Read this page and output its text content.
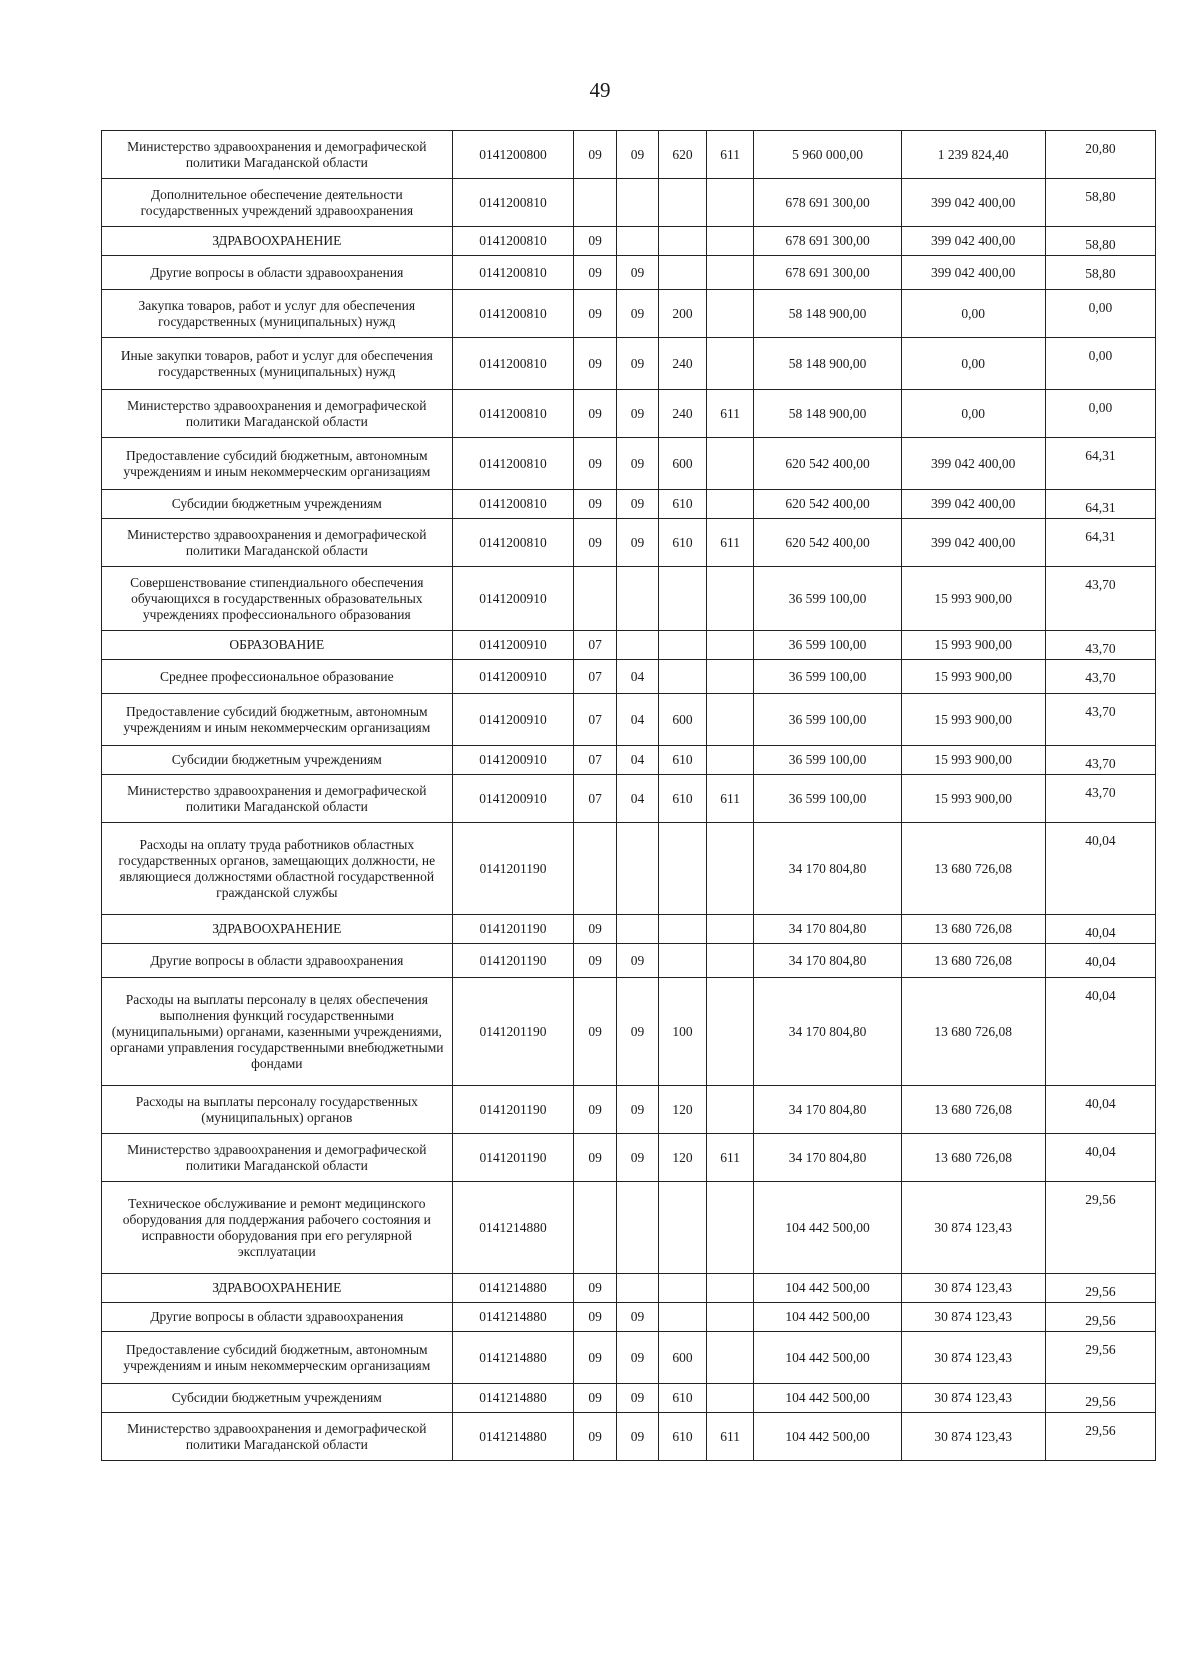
49
Министерство здравоохранения и демографической политики Магаданской области	0141200800	09	09	620	611	5 960 000,00	1 239 824,40	20,80
Дополнительное обеспечение деятельности государственных учреждений здравоохранения	0141200810					678 691 300,00	399 042 400,00	58,80
ЗДРАВООХРАНЕНИЕ	0141200810	09				678 691 300,00	399 042 400,00	58,80
Другие вопросы в области здравоохранения	0141200810	09	09			678 691 300,00	399 042 400,00	58,80
Закупка товаров, работ и услуг для обеспечения государственных (муниципальных) нужд	0141200810	09	09	200		58 148 900,00	0,00	0,00
Иные закупки товаров, работ и услуг для обеспечения государственных (муниципальных) нужд	0141200810	09	09	240		58 148 900,00	0,00	0,00
Министерство здравоохранения и демографической политики Магаданской области	0141200810	09	09	240	611	58 148 900,00	0,00	0,00
Предоставление субсидий бюджетным, автономным учреждениям и иным некоммерческим организациям	0141200810	09	09	600		620 542 400,00	399 042 400,00	64,31
Субсидии бюджетным учреждениям	0141200810	09	09	610		620 542 400,00	399 042 400,00	64,31
Министерство здравоохранения и демографической политики Магаданской области	0141200810	09	09	610	611	620 542 400,00	399 042 400,00	64,31
Совершенствование стипендиального обеспечения обучающихся в государственных образовательных учреждениях профессионального образования	0141200910					36 599 100,00	15 993 900,00	43,70
ОБРАЗОВАНИЕ	0141200910	07				36 599 100,00	15 993 900,00	43,70
Среднее профессиональное образование	0141200910	07	04			36 599 100,00	15 993 900,00	43,70
Предоставление субсидий бюджетным, автономным учреждениям и иным некоммерческим организациям	0141200910	07	04	600		36 599 100,00	15 993 900,00	43,70
Субсидии бюджетным учреждениям	0141200910	07	04	610		36 599 100,00	15 993 900,00	43,70
Министерство здравоохранения и демографической политики Магаданской области	0141200910	07	04	610	611	36 599 100,00	15 993 900,00	43,70
Расходы на оплату труда работников областных государственных органов, замещающих должности, не являющиеся должностями областной государственной гражданской службы	0141201190					34 170 804,80	13 680 726,08	40,04
ЗДРАВООХРАНЕНИЕ	0141201190	09				34 170 804,80	13 680 726,08	40,04
Другие вопросы в области здравоохранения	0141201190	09	09			34 170 804,80	13 680 726,08	40,04
Расходы на выплаты персоналу в целях обеспечения выполнения функций государственными (муниципальными) органами, казенными учреждениями, органами управления государственными внебюджетными фондами	0141201190	09	09	100		34 170 804,80	13 680 726,08	40,04
Расходы на выплаты персоналу государственных (муниципальных) органов	0141201190	09	09	120		34 170 804,80	13 680 726,08	40,04
Министерство здравоохранения и демографической политики Магаданской области	0141201190	09	09	120	611	34 170 804,80	13 680 726,08	40,04
Техническое обслуживание и ремонт медицинского оборудования для поддержания рабочего состояния и исправности оборудования при его регулярной эксплуатации	0141214880					104 442 500,00	30 874 123,43	29,56
ЗДРАВООХРАНЕНИЕ	0141214880	09				104 442 500,00	30 874 123,43	29,56
Другие вопросы в области здравоохранения	0141214880	09	09			104 442 500,00	30 874 123,43	29,56
Предоставление субсидий бюджетным, автономным учреждениям и иным некоммерческим организациям	0141214880	09	09	600		104 442 500,00	30 874 123,43	29,56
Субсидии бюджетным учреждениям	0141214880	09	09	610		104 442 500,00	30 874 123,43	29,56
Министерство здравоохранения и демографической политики Магаданской области	0141214880	09	09	610	611	104 442 500,00	30 874 123,43	29,56
